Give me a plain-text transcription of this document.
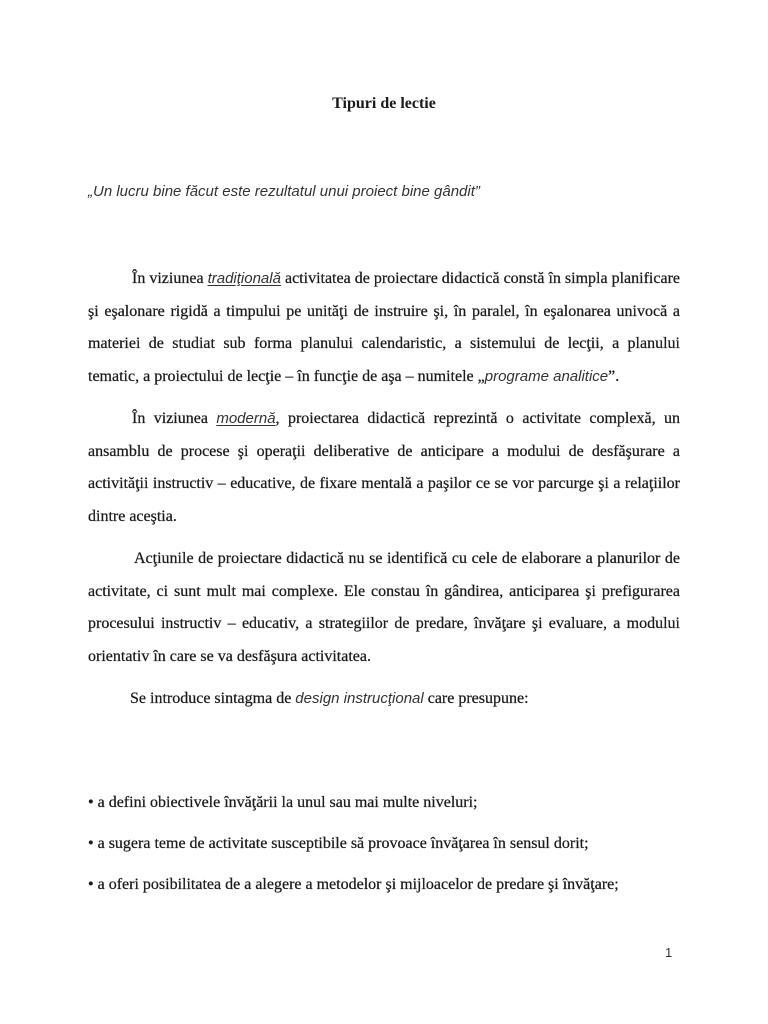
Tipuri de lectie

„Un lucru bine făcut este rezultatul unui proiect bine gândit”

În viziunea tradiţională activitatea de proiectare didactică constă în simpla planificare şi eşalonare rigidă a timpului pe unităţi de instruire şi, în paralel, în eşalonarea univocă a materiei de studiat sub forma planului calendaristic, a sistemului de lecţii, a planului tematic, a proiectului de lecţie – în funcţie de aşa – numitele „programe analitice”.

În viziunea modernă, proiectarea didactică reprezintă o activitate complexă, un ansamblu de procese şi operaţii deliberative de anticipare a modului de desfăşurare a activităţii instructiv – educative, de fixare mentală a paşilor ce se vor parcurge şi a relaţiilor dintre aceştia.

Acţiunile de proiectare didactică nu se identifică cu cele de elaborare a planurilor de activitate, ci sunt mult mai complexe. Ele constau în gândirea, anticiparea şi prefigurarea procesului instructiv – educativ, a strategiilor de predare, învăţare şi evaluare, a modului orientativ în care se va desfăşura activitatea.

Se introduce sintagma de design instrucţional care presupune:

• a defini obiectivele învăţării la unul sau mai multe niveluri;

• a sugera teme de activitate susceptibile să provoace învăţarea în sensul dorit;

• a oferi posibilitatea de a alegere a metodelor şi mijloacelor de predare şi învăţare;

1
